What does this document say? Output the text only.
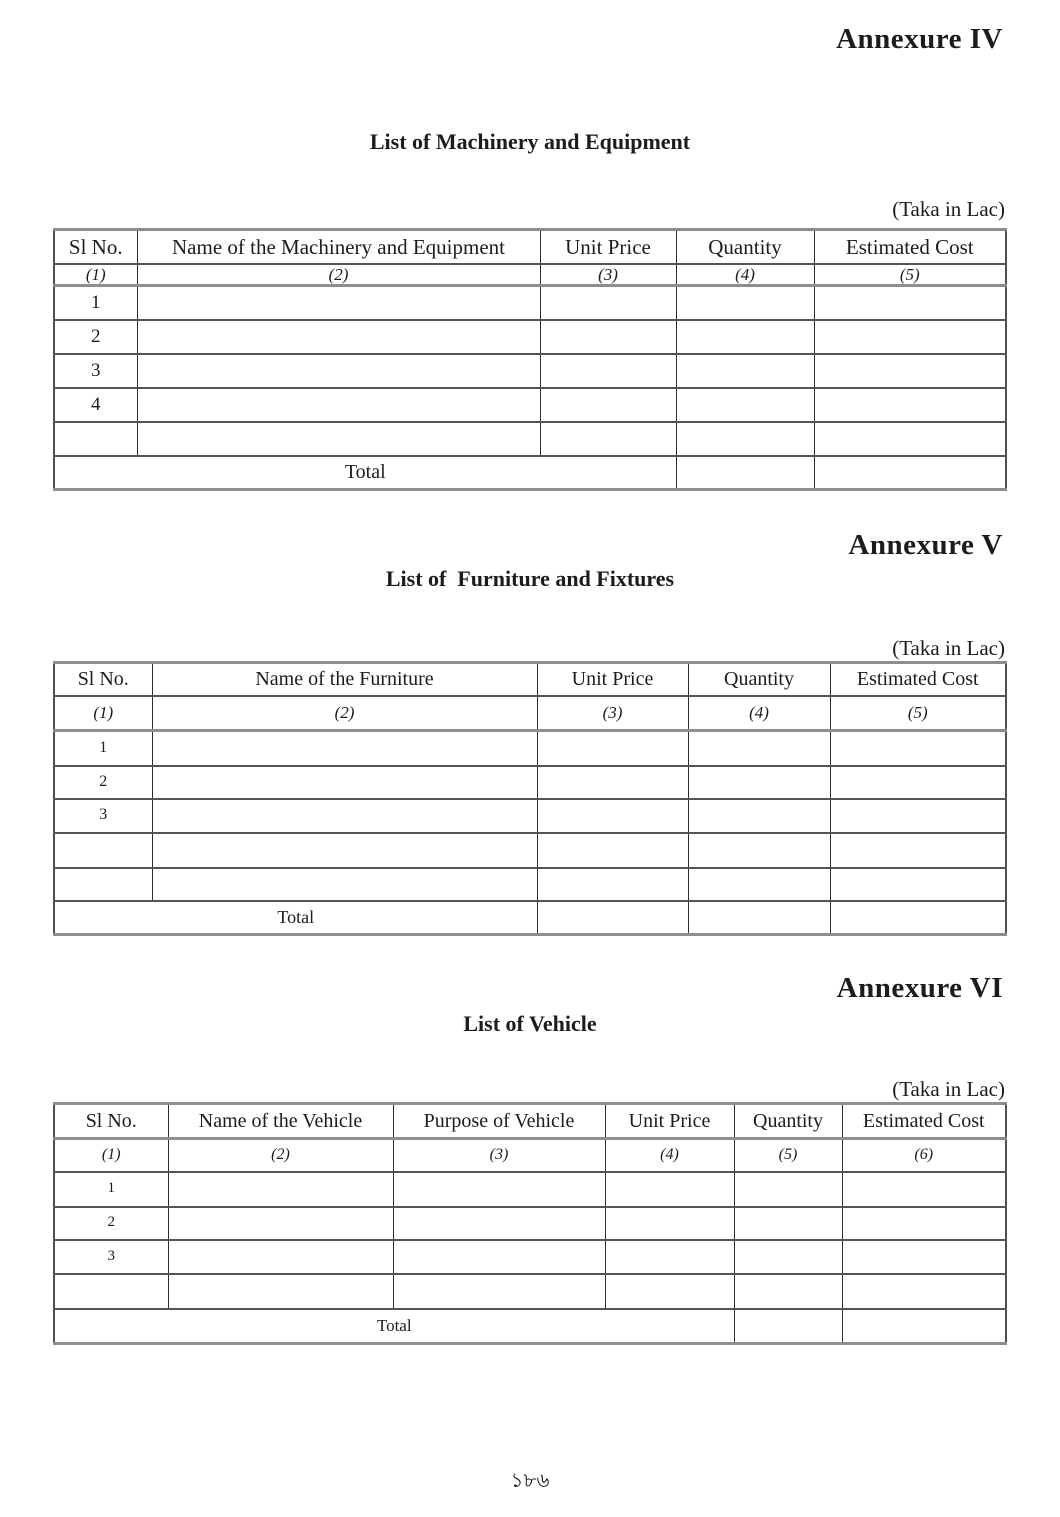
Annexure IV
List of Machinery and Equipment
(Taka in Lac)
Sl No.	Name of the Machinery and Equipment	Unit Price	Quantity	Estimated Cost
(1)	(2)	(3)	(4)	(5)
1				
2				
3				
4				

Total				
Annexure V
List of  Furniture and Fixtures
(Taka in Lac)
Sl No.	Name of the Furniture	Unit Price	Quantity	Estimated Cost
(1)	(2)	(3)	(4)	(5)
1				
2				
3				

Total				
Annexure VI
List of Vehicle
(Taka in Lac)
Sl No.	Name of the Vehicle	Purpose of Vehicle	Unit Price	Quantity	Estimated Cost
(1)	(2)	(3)	(4)	(5)	(6)
1					
2					
3					

Total					
১৮৬
